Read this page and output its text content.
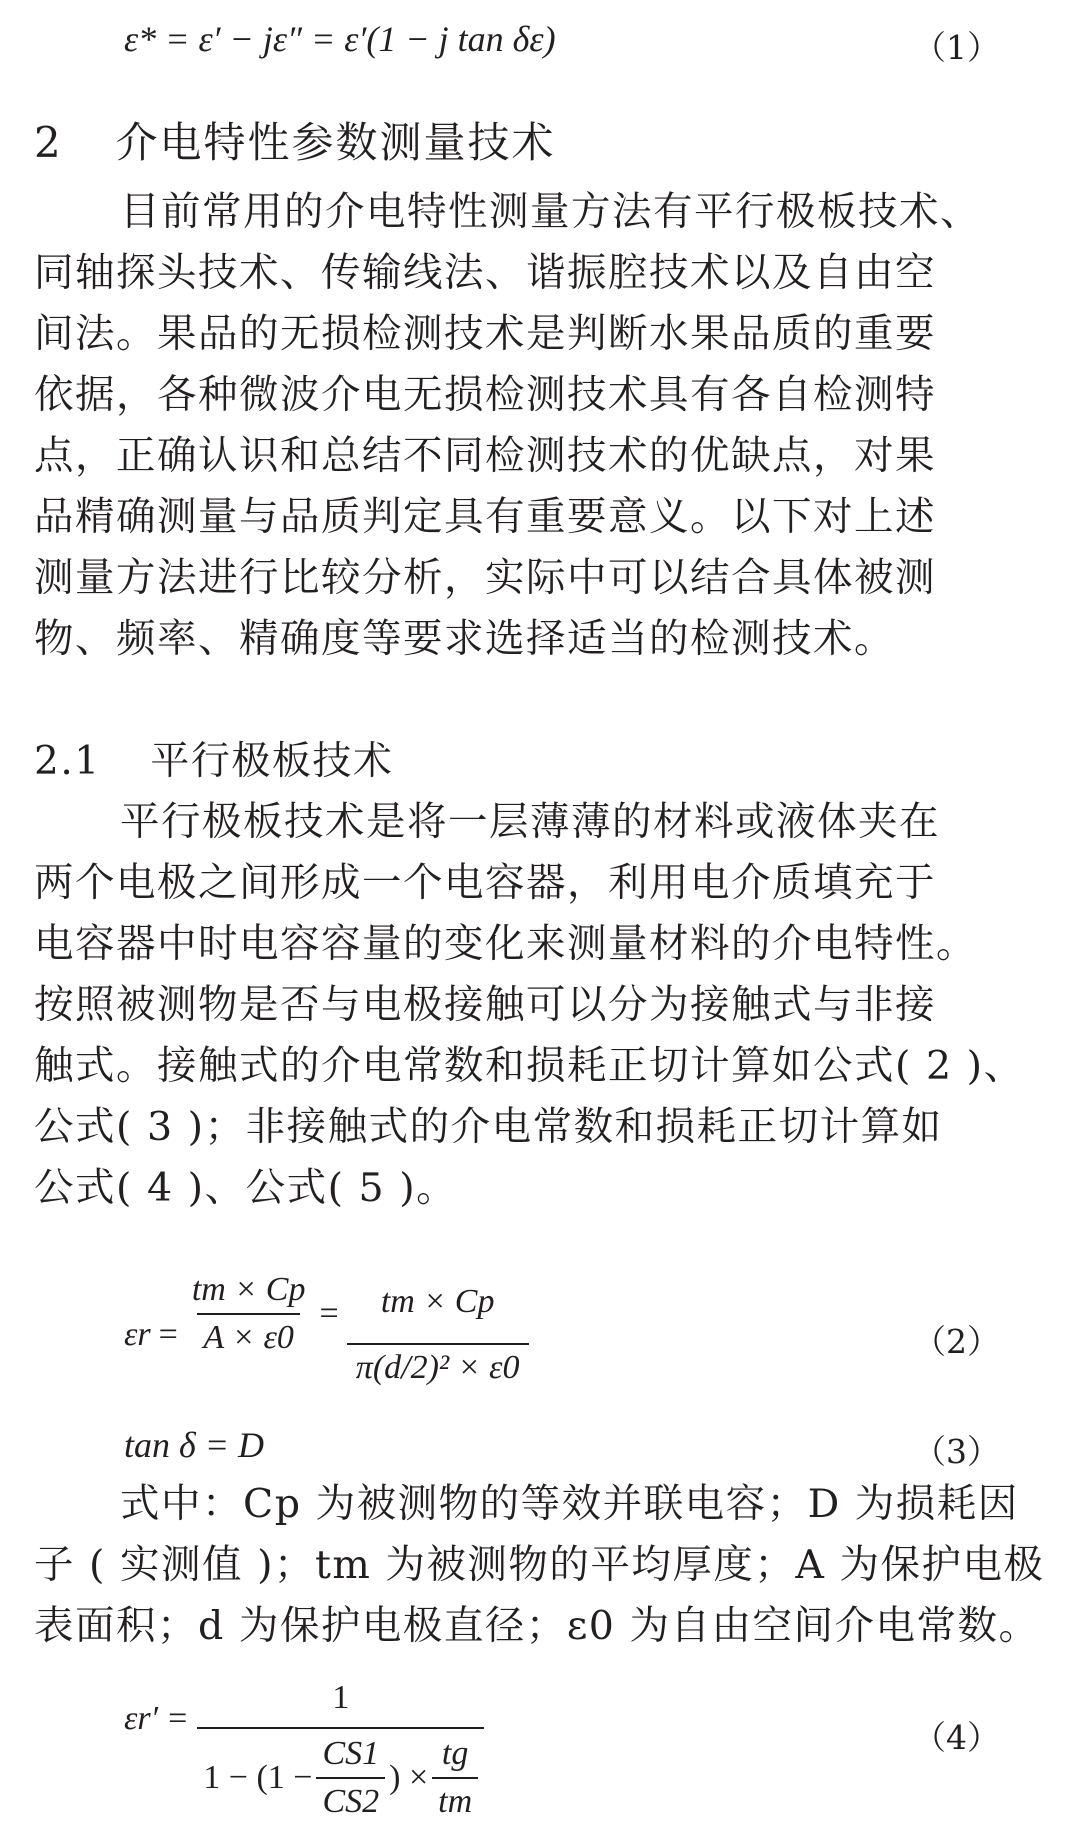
ε* = ε′ − jε″ = ε′(1 − j tan δε)	（1）
2 介电特性参数测量技术
目前常用的介电特性测量方法有平行极板技术、
同轴探头技术、传输线法、谐振腔技术以及自由空
间法。果品的无损检测技术是判断水果品质的重要
依据，各种微波介电无损检测技术具有各自检测特
点，正确认识和总结不同检测技术的优缺点，对果
品精确测量与品质判定具有重要意义。以下对上述
测量方法进行比较分析，实际中可以结合具体被测
物、频率、精确度等要求选择适当的检测技术。
2.1 平行极板技术
平行极板技术是将一层薄薄的材料或液体夹在
两个电极之间形成一个电容器，利用电介质填充于
电容器中时电容容量的变化来测量材料的介电特性。
按照被测物是否与电极接触可以分为接触式与非接
触式。接触式的介电常数和损耗正切计算如公式( 2 )、
公式( 3 )；非接触式的介电常数和损耗正切计算如
公式( 4 )、公式( 5 )。
$\varepsilon r = \frac{tm \times Cp}{A \times \varepsilon 0} = \frac{tm \times Cp}{\text{π(d/2)² × ε0}}$	（2）
tan δ = D	（3）
式中：Cp 为被测物的等效并联电容；D 为损耗因
子 ( 实测值 )；tm 为被测物的平均厚度；A 为保护电极
表面积；d 为保护电极直径；ε0 为自由空间介电常数。
εr′ =
1
$1 - (1 - \frac{CS1}{CS2}$ ) × $\frac{tg}{tm}$	（4）
